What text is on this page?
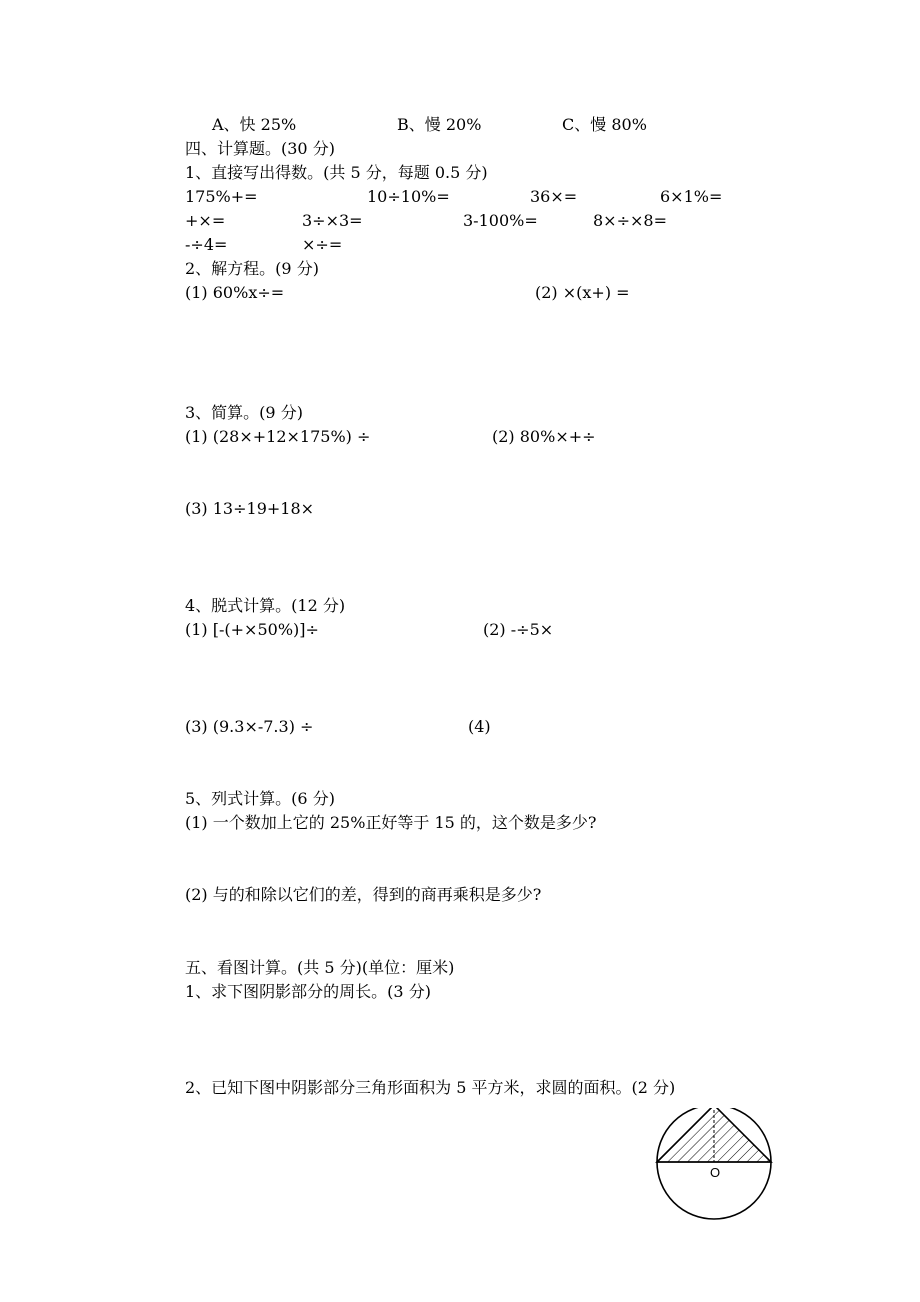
A、快 25%	B、慢 20%	C、慢 80%
四、计算题。(30 分)
1、直接写出得数。(共 5 分，每题 0.5 分)
175%+=	10÷10%=	36×=	6×1%=
+×=	3÷×3=	3-100%=	8×÷×8=
-÷4=	×÷=
2、解方程。(9 分)
(1) 60%x÷=	(2) ×(x+) =
3、简算。(9 分)
(1) (28×+12×175%) ÷	(2) 80%×+÷
(3) 13÷19+18×
4、脱式计算。(12 分)
(1) [-(+×50%)]÷	(2) -÷5×
(3) (9.3×-7.3) ÷	(4)
5、列式计算。(6 分)
(1) 一个数加上它的 25%正好等于 15 的，这个数是多少?
(2) 与的和除以它们的差，得到的商再乘积是多少?
五、看图计算。(共 5 分)(单位：厘米)
1、求下图阴影部分的周长。(3 分)
2、已知下图中阴影部分三角形面积为 5 平方米，求圆的面积。(2 分)
O
